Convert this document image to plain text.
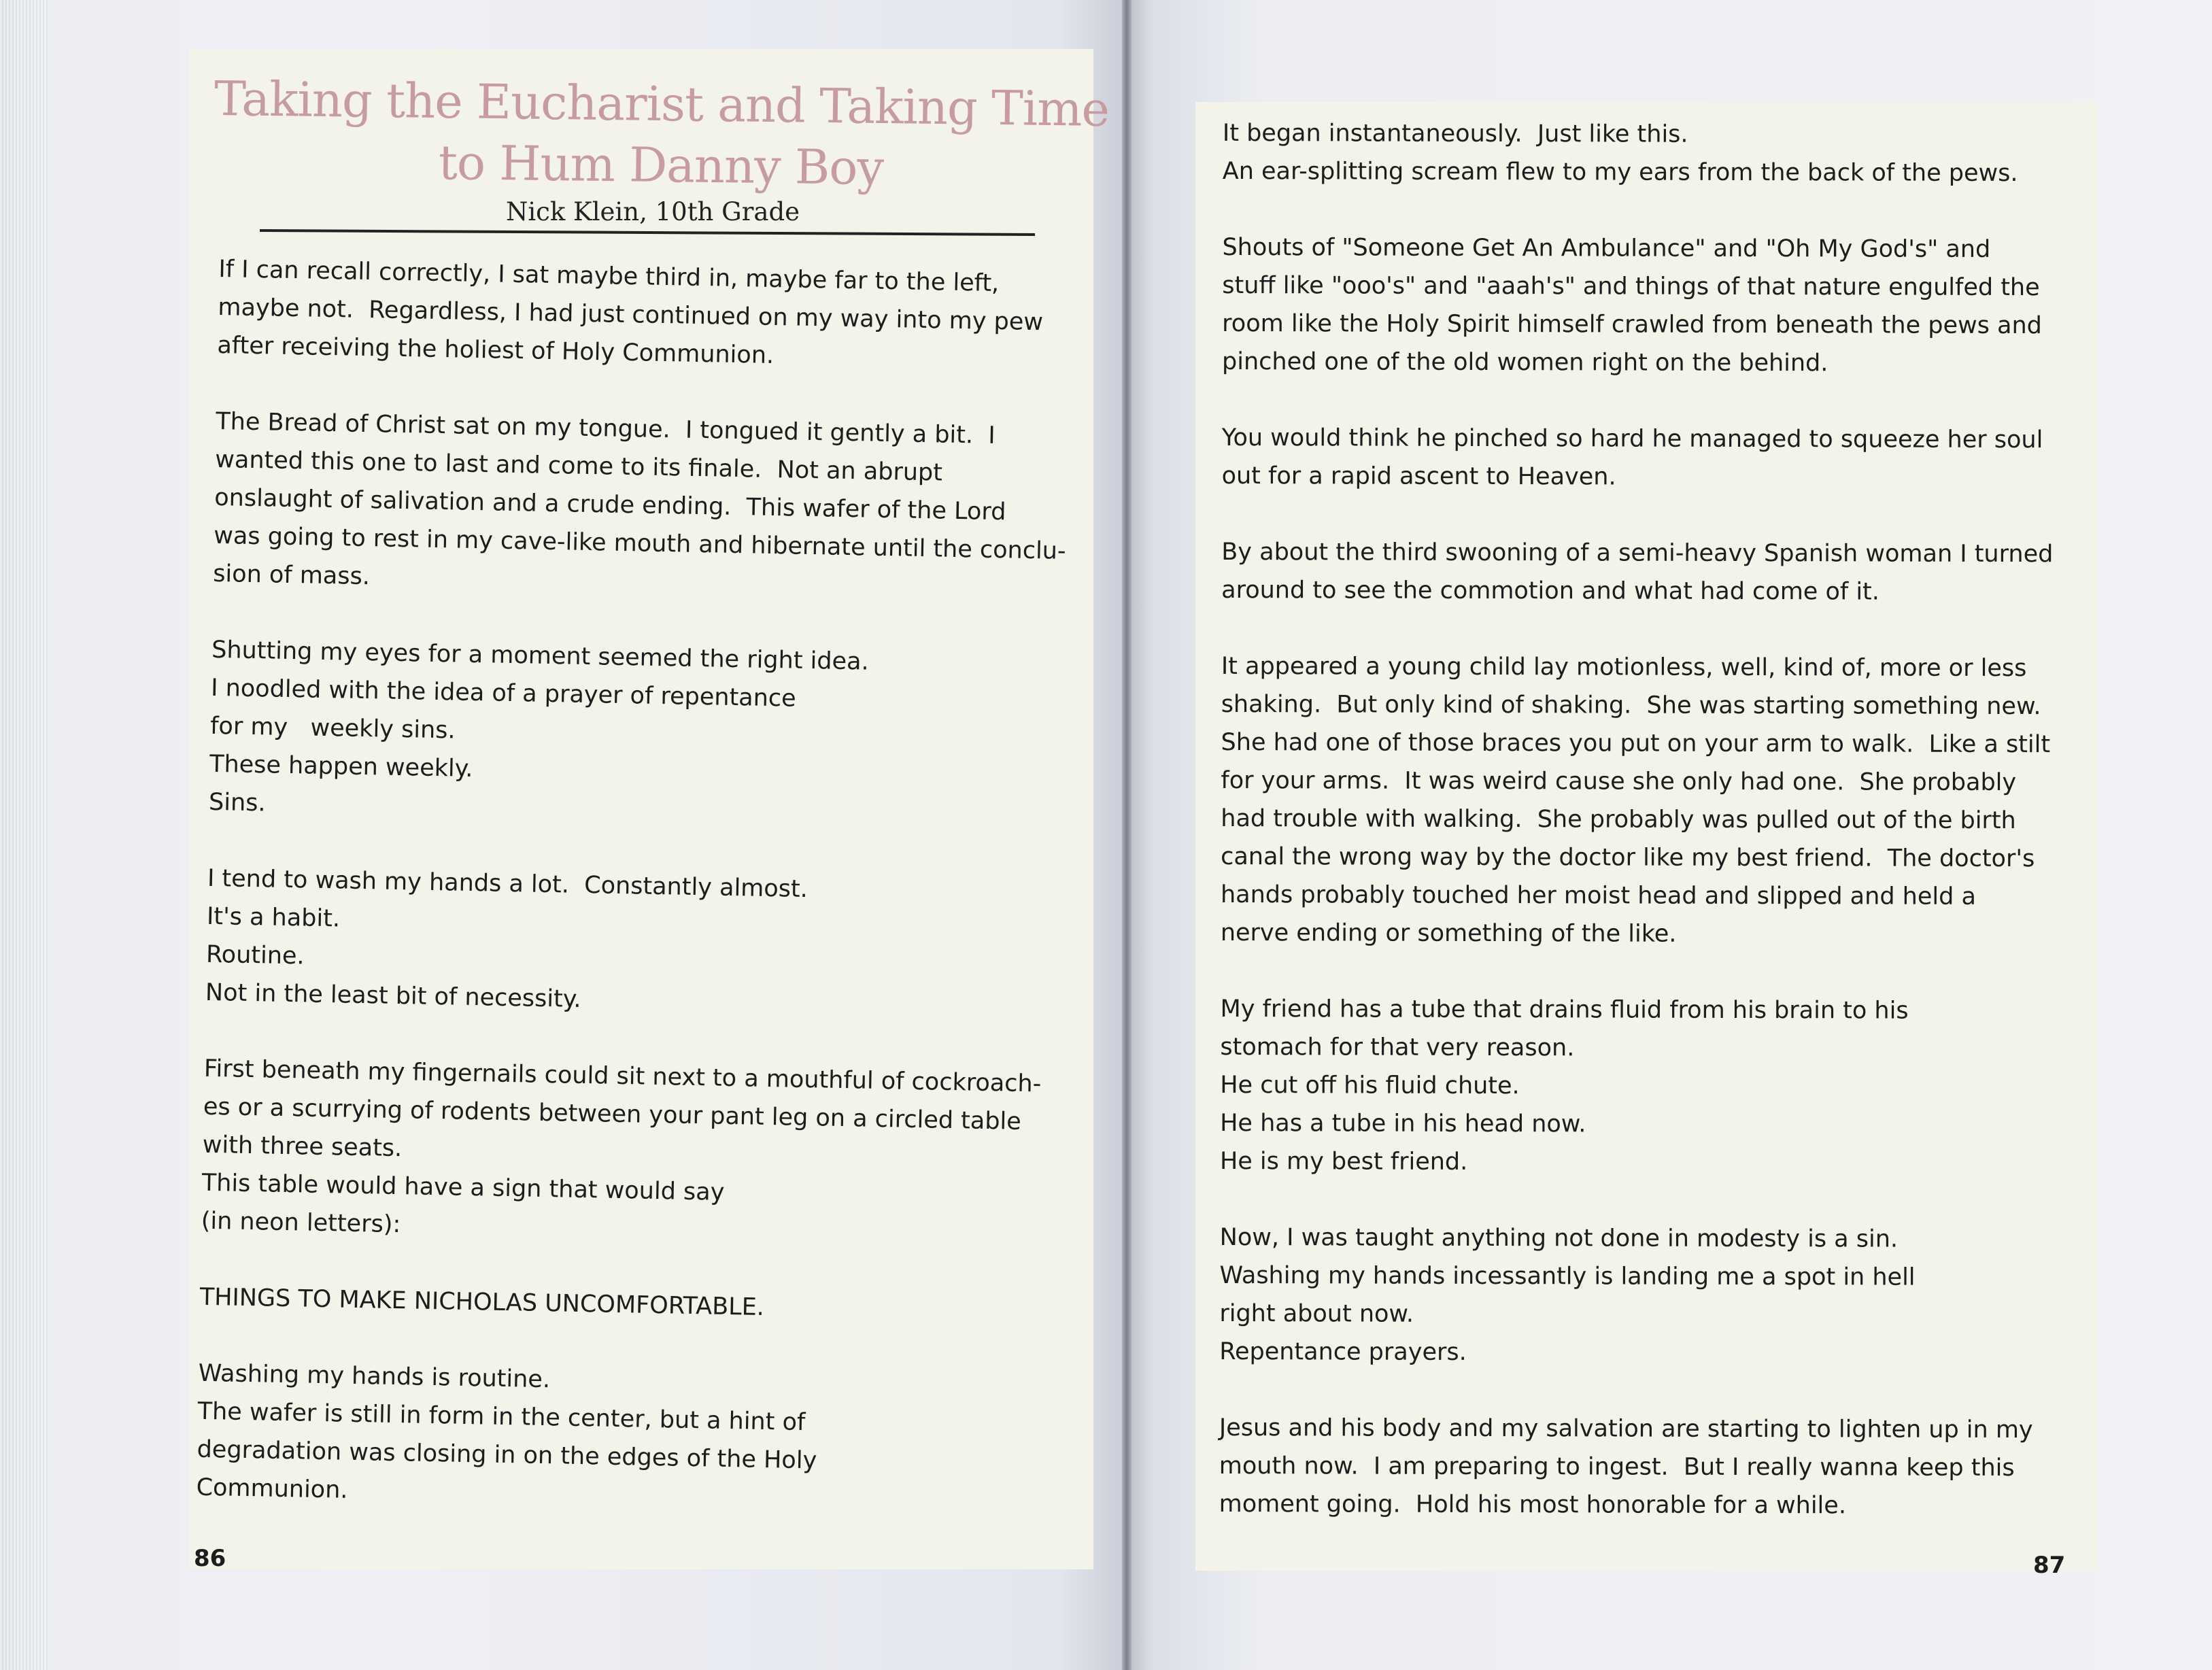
Taking the Eucharist and Taking Time
to Hum Danny Boy
Nick Klein, 10th Grade
If I can recall correctly, I sat maybe third in, maybe far to the left,
maybe not.  Regardless, I had just continued on my way into my pew
after receiving the holiest of Holy Communion.
The Bread of Christ sat on my tongue.  I tongued it gently a bit.  I
wanted this one to last and come to its finale.  Not an abrupt
onslaught of salivation and a crude ending.  This wafer of the Lord
was going to rest in my cave-like mouth and hibernate until the conclu-
sion of mass.
Shutting my eyes for a moment seemed the right idea.
I noodled with the idea of a prayer of repentance
for my   weekly sins.
These happen weekly.
Sins.
I tend to wash my hands a lot.  Constantly almost.
It's a habit.
Routine.
Not in the least bit of necessity.
First beneath my fingernails could sit next to a mouthful of cockroach-
es or a scurrying of rodents between your pant leg on a circled table
with three seats.
This table would have a sign that would say
(in neon letters):
THINGS TO MAKE NICHOLAS UNCOMFORTABLE.
Washing my hands is routine.
The wafer is still in form in the center, but a hint of
degradation was closing in on the edges of the Holy
Communion.
It began instantaneously.  Just like this.
An ear-splitting scream flew to my ears from the back of the pews.
Shouts of "Someone Get An Ambulance" and "Oh My God's" and
stuff like "ooo's" and "aaah's" and things of that nature engulfed the
room like the Holy Spirit himself crawled from beneath the pews and
pinched one of the old women right on the behind.
You would think he pinched so hard he managed to squeeze her soul
out for a rapid ascent to Heaven.
By about the third swooning of a semi-heavy Spanish woman I turned
around to see the commotion and what had come of it.
It appeared a young child lay motionless, well, kind of, more or less
shaking.  But only kind of shaking.  She was starting something new.
She had one of those braces you put on your arm to walk.  Like a stilt
for your arms.  It was weird cause she only had one.  She probably
had trouble with walking.  She probably was pulled out of the birth
canal the wrong way by the doctor like my best friend.  The doctor's
hands probably touched her moist head and slipped and held a
nerve ending or something of the like.
My friend has a tube that drains fluid from his brain to his
stomach for that very reason.
He cut off his fluid chute.
He has a tube in his head now.
He is my best friend.
Now, I was taught anything not done in modesty is a sin.
Washing my hands incessantly is landing me a spot in hell
right about now.
Repentance prayers.
Jesus and his body and my salvation are starting to lighten up in my
mouth now.  I am preparing to ingest.  But I really wanna keep this
moment going.  Hold his most honorable for a while.
86	87
